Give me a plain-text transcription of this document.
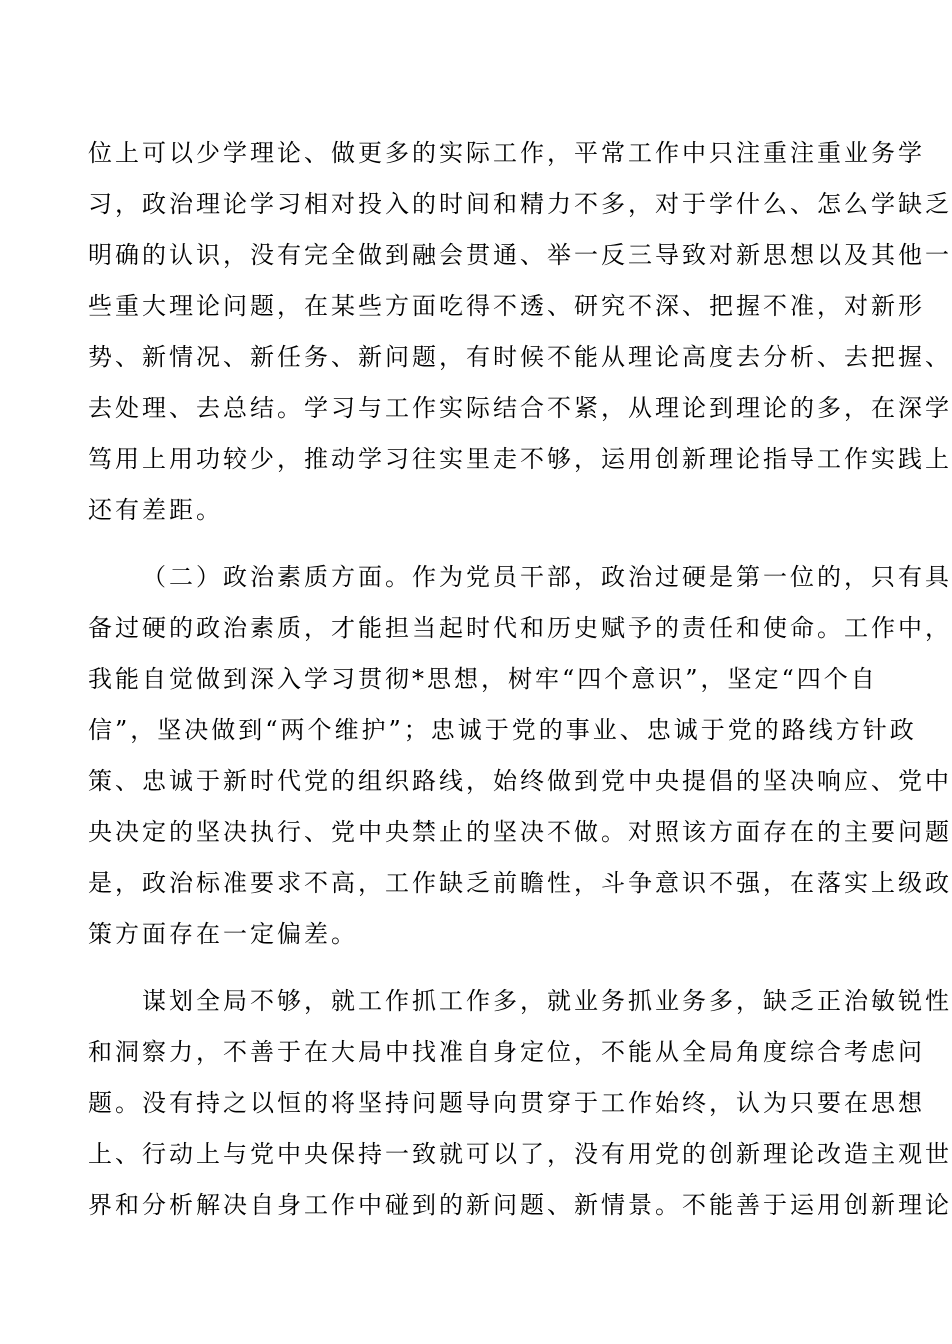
位上可以少学理论、做更多的实际工作，平常工作中只注重注重业务学
习，政治理论学习相对投入的时间和精力不多，对于学什么、怎么学缺乏
明确的认识，没有完全做到融会贯通、举一反三导致对新思想以及其他一
些重大理论问题，在某些方面吃得不透、研究不深、把握不准，对新形
势、新情况、新任务、新问题，有时候不能从理论高度去分析、去把握、
去处理、去总结。学习与工作实际结合不紧，从理论到理论的多，在深学
笃用上用功较少，推动学习往实里走不够，运用创新理论指导工作实践上
还有差距。
（二）政治素质方面。作为党员干部，政治过硬是第一位的，只有具
备过硬的政治素质，才能担当起时代和历史赋予的责任和使命。工作中，
我能自觉做到深入学习贯彻*思想，树牢“四个意识”，坚定“四个自
信”，坚决做到“两个维护”；忠诚于党的事业、忠诚于党的路线方针政
策、忠诚于新时代党的组织路线，始终做到党中央提倡的坚决响应、党中
央决定的坚决执行、党中央禁止的坚决不做。对照该方面存在的主要问题
是，政治标准要求不高，工作缺乏前瞻性，斗争意识不强，在落实上级政
策方面存在一定偏差。
谋划全局不够，就工作抓工作多，就业务抓业务多，缺乏正治敏锐性
和洞察力，不善于在大局中找准自身定位，不能从全局角度综合考虑问
题。没有持之以恒的将坚持问题导向贯穿于工作始终，认为只要在思想
上、行动上与党中央保持一致就可以了，没有用党的创新理论改造主观世
界和分析解决自身工作中碰到的新问题、新情景。不能善于运用创新理论
